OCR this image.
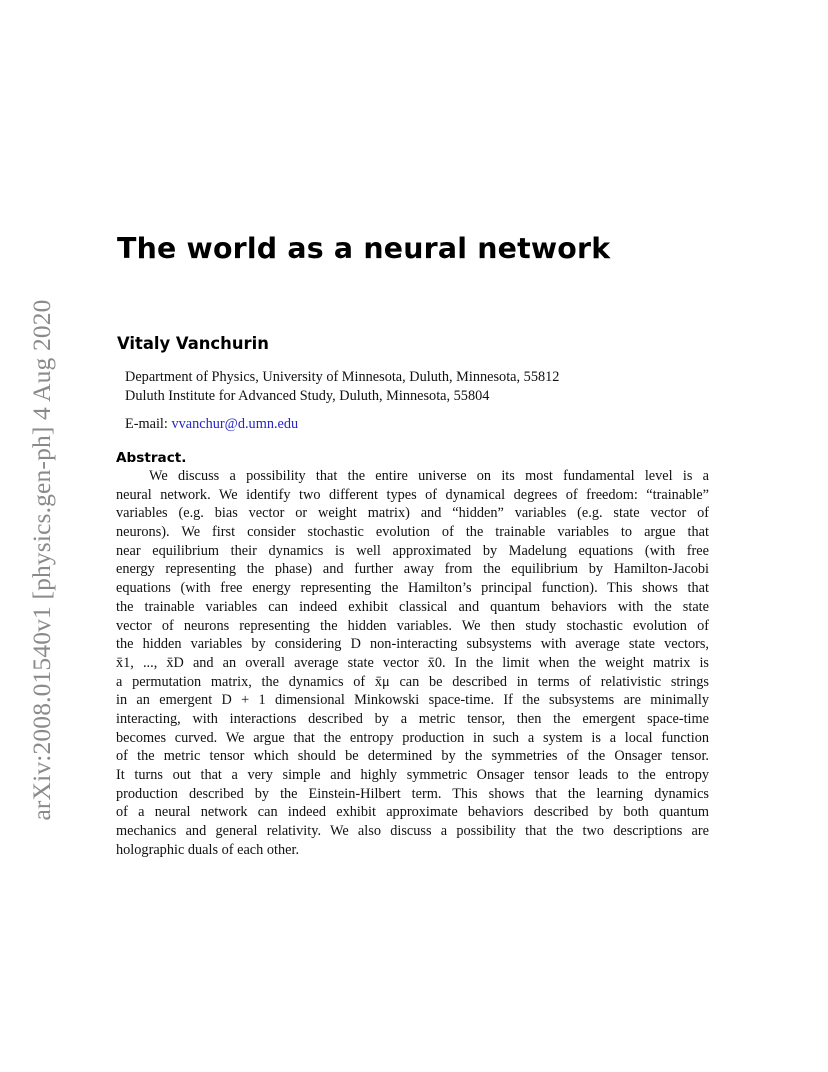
arXiv:2008.01540v1 [physics.gen-ph] 4 Aug 2020
The world as a neural network
Vitaly Vanchurin
Department of Physics, University of Minnesota, Duluth, Minnesota, 55812
Duluth Institute for Advanced Study, Duluth, Minnesota, 55804
E-mail: vvanchur@d.umn.edu
Abstract.
We discuss a possibility that the entire universe on its most fundamental level is a
neural network. We identify two different types of dynamical degrees of freedom: “trainable”
variables (e.g. bias vector or weight matrix) and “hidden” variables (e.g. state vector of
neurons). We first consider stochastic evolution of the trainable variables to argue that
near equilibrium their dynamics is well approximated by Madelung equations (with free
energy representing the phase) and further away from the equilibrium by Hamilton-Jacobi
equations (with free energy representing the Hamilton’s principal function). This shows that
the trainable variables can indeed exhibit classical and quantum behaviors with the state
vector of neurons representing the hidden variables. We then study stochastic evolution of
the hidden variables by considering D non-interacting subsystems with average state vectors,
x̄1, ..., x̄D and an overall average state vector x̄0. In the limit when the weight matrix is
a permutation matrix, the dynamics of x̄μ can be described in terms of relativistic strings
in an emergent D + 1 dimensional Minkowski space-time. If the subsystems are minimally
interacting, with interactions described by a metric tensor, then the emergent space-time
becomes curved. We argue that the entropy production in such a system is a local function
of the metric tensor which should be determined by the symmetries of the Onsager tensor.
It turns out that a very simple and highly symmetric Onsager tensor leads to the entropy
production described by the Einstein-Hilbert term. This shows that the learning dynamics
of a neural network can indeed exhibit approximate behaviors described by both quantum
mechanics and general relativity. We also discuss a possibility that the two descriptions are
holographic duals of each other.
